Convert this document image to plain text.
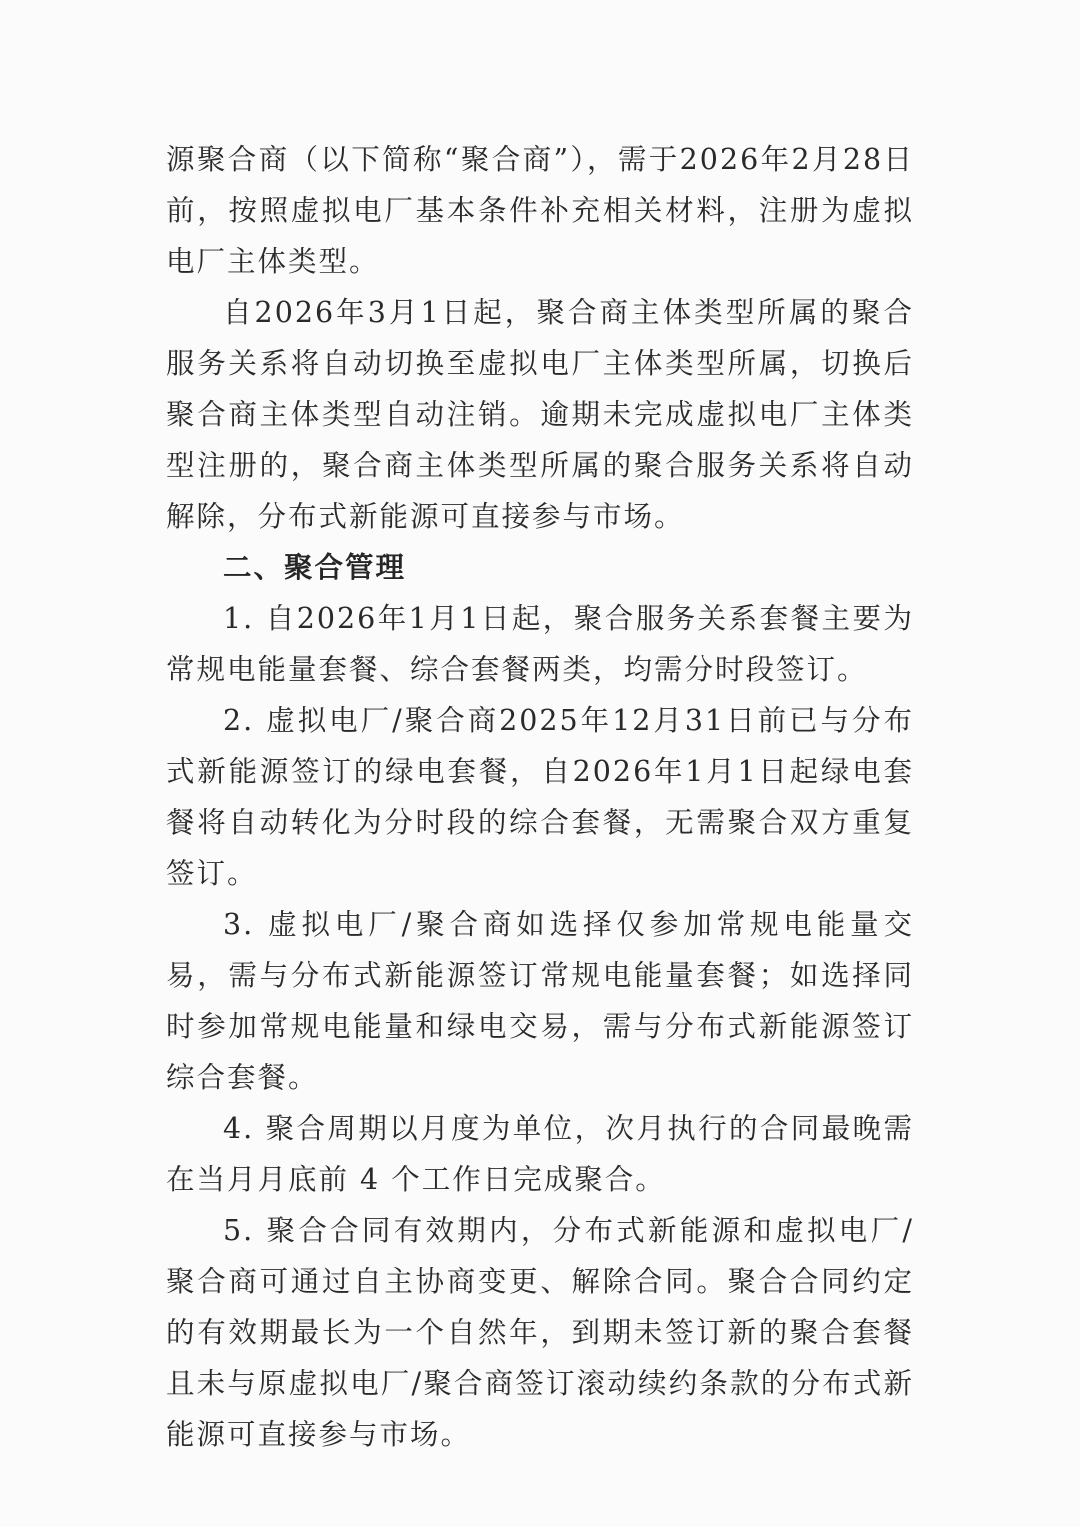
源聚合商（以下简称“聚合商”），需于2026年2月28日前，按照虚拟电厂基本条件补充相关材料，注册为虚拟电厂主体类型。

自2026年3月1日起，聚合商主体类型所属的聚合服务关系将自动切换至虚拟电厂主体类型所属，切换后聚合商主体类型自动注销。逾期未完成虚拟电厂主体类型注册的，聚合商主体类型所属的聚合服务关系将自动解除，分布式新能源可直接参与市场。

二、聚合管理

1. 自2026年1月1日起，聚合服务关系套餐主要为常规电能量套餐、综合套餐两类，均需分时段签订。

2. 虚拟电厂/聚合商2025年12月31日前已与分布式新能源签订的绿电套餐，自2026年1月1日起绿电套餐将自动转化为分时段的综合套餐，无需聚合双方重复签订。

3. 虚拟电厂/聚合商如选择仅参加常规电能量交易，需与分布式新能源签订常规电能量套餐；如选择同时参加常规电能量和绿电交易，需与分布式新能源签订综合套餐。

4. 聚合周期以月度为单位，次月执行的合同最晚需在当月月底前 4 个工作日完成聚合。

5. 聚合合同有效期内，分布式新能源和虚拟电厂/聚合商可通过自主协商变更、解除合同。聚合合同约定的有效期最长为一个自然年，到期未签订新的聚合套餐且未与原虚拟电厂/聚合商签订滚动续约条款的分布式新能源可直接参与市场。
